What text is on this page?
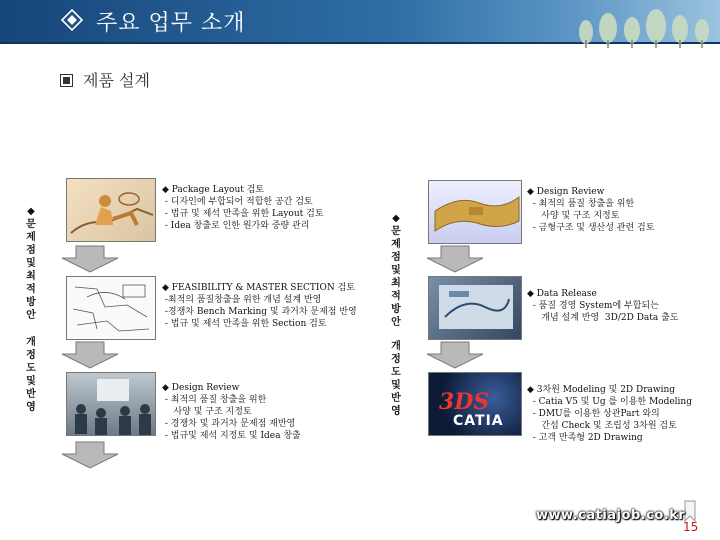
주요 업무 소개
제품 설계
◆문제점및최적방안
개정도및반영
◆문제점및최적방안
개정도및반영
◆ Package Layout 검토
- 디자인에 부합되어 적합한 공간 검토
- 법규 및 제석 만족을 위한 Layout 검토
- Idea 창출로 인한 원가와 중량 관리
◆ FEASIBILITY & MASTER SECTION 검토
-최적의 품질창출을 위한 개념 설계 반영
-경쟁차 Bench Marking 및 과거차 문제점 반영
- 법규 및 제석 만족을 위한 Section 검토
◆ Design Review
- 최적의 품질 창출을 위한
사양 및 구조 지정토
- 경쟁차 및 과거차 문제점 재반영
- 법규및 제석 지정토 및 Idea 창출
3DS
CATIA
◆ Design Review
- 최적의 품질 창출을 위한
사양 및 구조 지정토
- 금형구조 및 생산성 관련 검토
◆ Data Release
- 품질 경영 System에 부합되는
개념 설계 반영  3D/2D Data 출도
◆ 3차원 Modeling 및 2D Drawing
- Catia V5 및 Ug 를 이용한 Modeling
- DMU를 이용한 상관Part 와의
간섭 Check 및 조립성 3차원 검토
- 고객 만족형 2D Drawing
www.catiajob.co.kr
15
